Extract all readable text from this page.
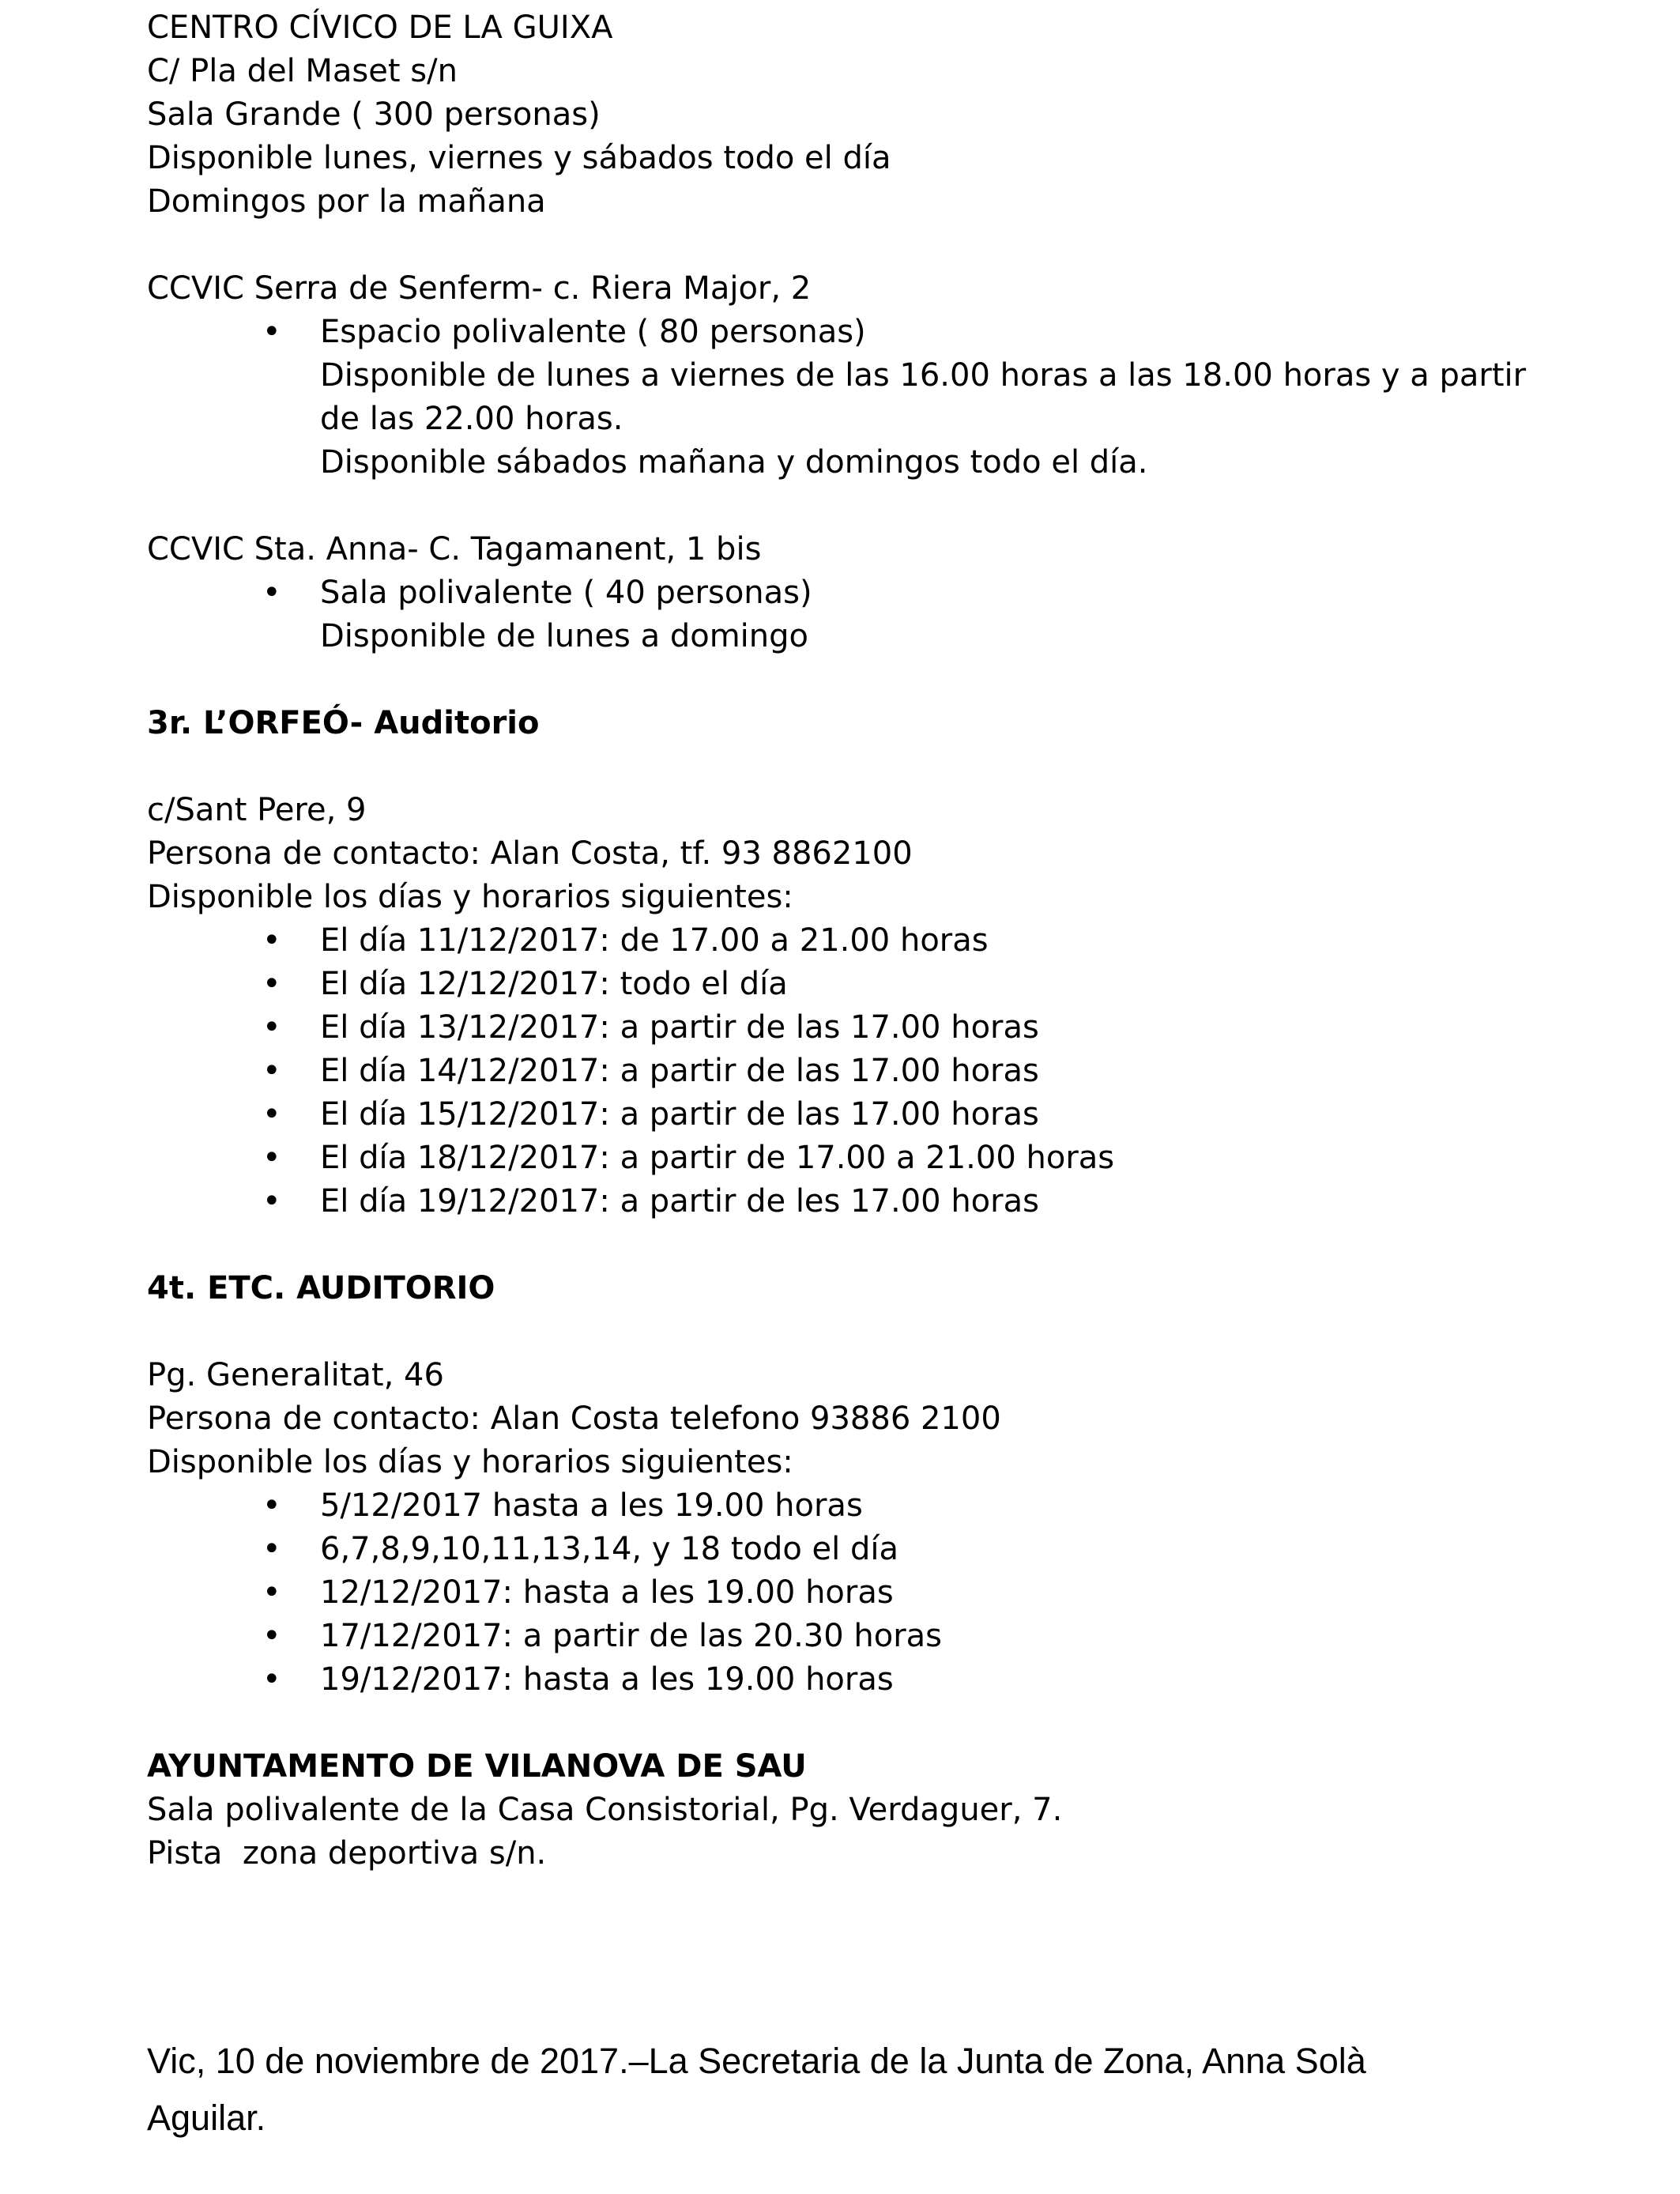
CENTRO CÍVICO DE LA GUIXA
C/ Pla del Maset s/n
Sala Grande ( 300 personas)
Disponible lunes, viernes y sábados todo el día
Domingos por la mañana
CCVIC Serra de Senferm- c. Riera Major, 2
• Espacio polivalente ( 80 personas)
Disponible de lunes a viernes de las 16.00 horas a las 18.00 horas y a partir
de las 22.00 horas.
Disponible sábados mañana y domingos todo el día.
CCVIC Sta. Anna- C. Tagamanent, 1 bis
• Sala polivalente ( 40 personas)
Disponible de lunes a domingo
3r. L’ORFEÓ- Auditorio
c/Sant Pere, 9
Persona de contacto: Alan Costa, tf. 93 8862100
Disponible los días y horarios siguientes:
• El día 11/12/2017: de 17.00 a 21.00 horas
• El día 12/12/2017: todo el día
• El día 13/12/2017: a partir de las 17.00 horas
• El día 14/12/2017: a partir de las 17.00 horas
• El día 15/12/2017: a partir de las 17.00 horas
• El día 18/12/2017: a partir de 17.00 a 21.00 horas
• El día 19/12/2017: a partir de les 17.00 horas
4t. ETC. AUDITORIO
Pg. Generalitat, 46
Persona de contacto: Alan Costa telefono 93886 2100
Disponible los días y horarios siguientes:
• 5/12/2017 hasta a les 19.00 horas
• 6,7,8,9,10,11,13,14, y 18 todo el día
• 12/12/2017: hasta a les 19.00 horas
• 17/12/2017: a partir de las 20.30 horas
• 19/12/2017: hasta a les 19.00 horas
AYUNTAMENTO DE VILANOVA DE SAU
Sala polivalente de la Casa Consistorial, Pg. Verdaguer, 7.
Pista  zona deportiva s/n.
Vic, 10 de noviembre de 2017.–La Secretaria de la Junta de Zona, Anna Solà
Aguilar.
